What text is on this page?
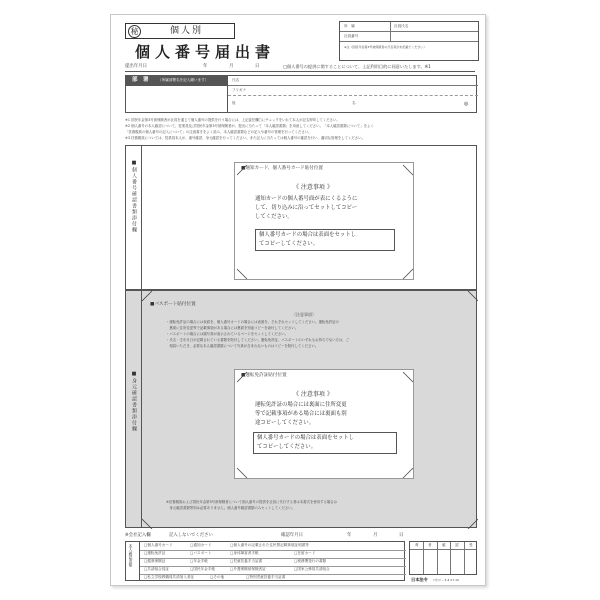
秘	個人別
個人番号届出書
所　属	社員氏名
社員番号
※注（国民年金第3号被保険者の氏名等が未記載でください）
提出年月日	年	月	日	□個人番号の提供に関することについて、上記利用目的に同意いたします。※1
部　署	（所属部署名を記入願います）	氏名
フリガナ
姓	名	◎
※1 国民年金第3号被保険者が社員を通じて個人番号の提供を行う場合には、上記委任欄□にチェックをいれて本人が記名押印してください。
※2 個人番号の本人確認について、従業員及び国民年金第3号被保険者が、提出に当たって「本人確認書類」を用意してください。「本人確認書類について」をよく
「扶養親族の個人番号の記入について」の注意書きをよく読み、本人確認書類などの記入や番号の管理を行ってください。
※3 扶養親族については、従業員本人が、番号確認、身元確認を行ってください。また記入に当たっては個人番号の確認を行い、適切な管理をしてください。
■個人番号確認書類添付欄	■通知カード、個人番号カード貼付位置
《 注意事項 》
通知カードの個人番号面が表にくるように
して、切り込みに沿ってセットしてコピー
してください。
個人番号カードの場合は表面をセットし
てコピーしてください。
■身元確認書類添付欄
■パスポート貼付位置
（注意事項）
・運転免許証の場合には表面を、個人番号カードの場合には表面を、それぞれセットしてください。運転免許証の
　裏面に住所変更等で記載事項がある場合には裏面を別途コピーを添付してください。
・パスポートの場合には顔写真が表示されているページをセットしてください。
・氏名・生年月日が記載されている書類を貼付してください。運転免許証、パスポートのいずれもお持ちでない方は、ご
　相談いただき、必要な本人確認書類について写真が含まれないものはコピーを貼付してください。
■運転免許証貼付位置
《 注意事項 》
運転免許証の場合には裏面に住所変更
等で記載事項がある場合には裏面も別
途コピーしてください。
個人番号カードの場合は表面をセットし
てコピーしてください。
※扶養親族および国民年金第3号被保険者について個人番号の提供を社員に代行する者は本書式を使用する場合は
　身元確認書類等別は必要ありません。個人番号確認書類のみセットしてください。
※会社記入欄	記入しないでください	確認年月日	年	月	日
本人確認書類	□個人番号カード	□通知カード	□個人番号の記載された住民票記載事項証明書等
□運転免許証	□パスポート	□身体障害者手帳	□在留カード
□健康保険証	□年金手帳	□児童扶養手当証書	□税務署発行の書類
□共済組合員証	□国民年金手帳	□介護保険被保険者証	□国家公務員共済組合
□私立学校教職員共済加入者証	□その他	□特別児童扶養手当証書
責	者	確	認	受
日本法令 ﾏｲﾅﾝﾊﾞｰ 3-4 27.10
